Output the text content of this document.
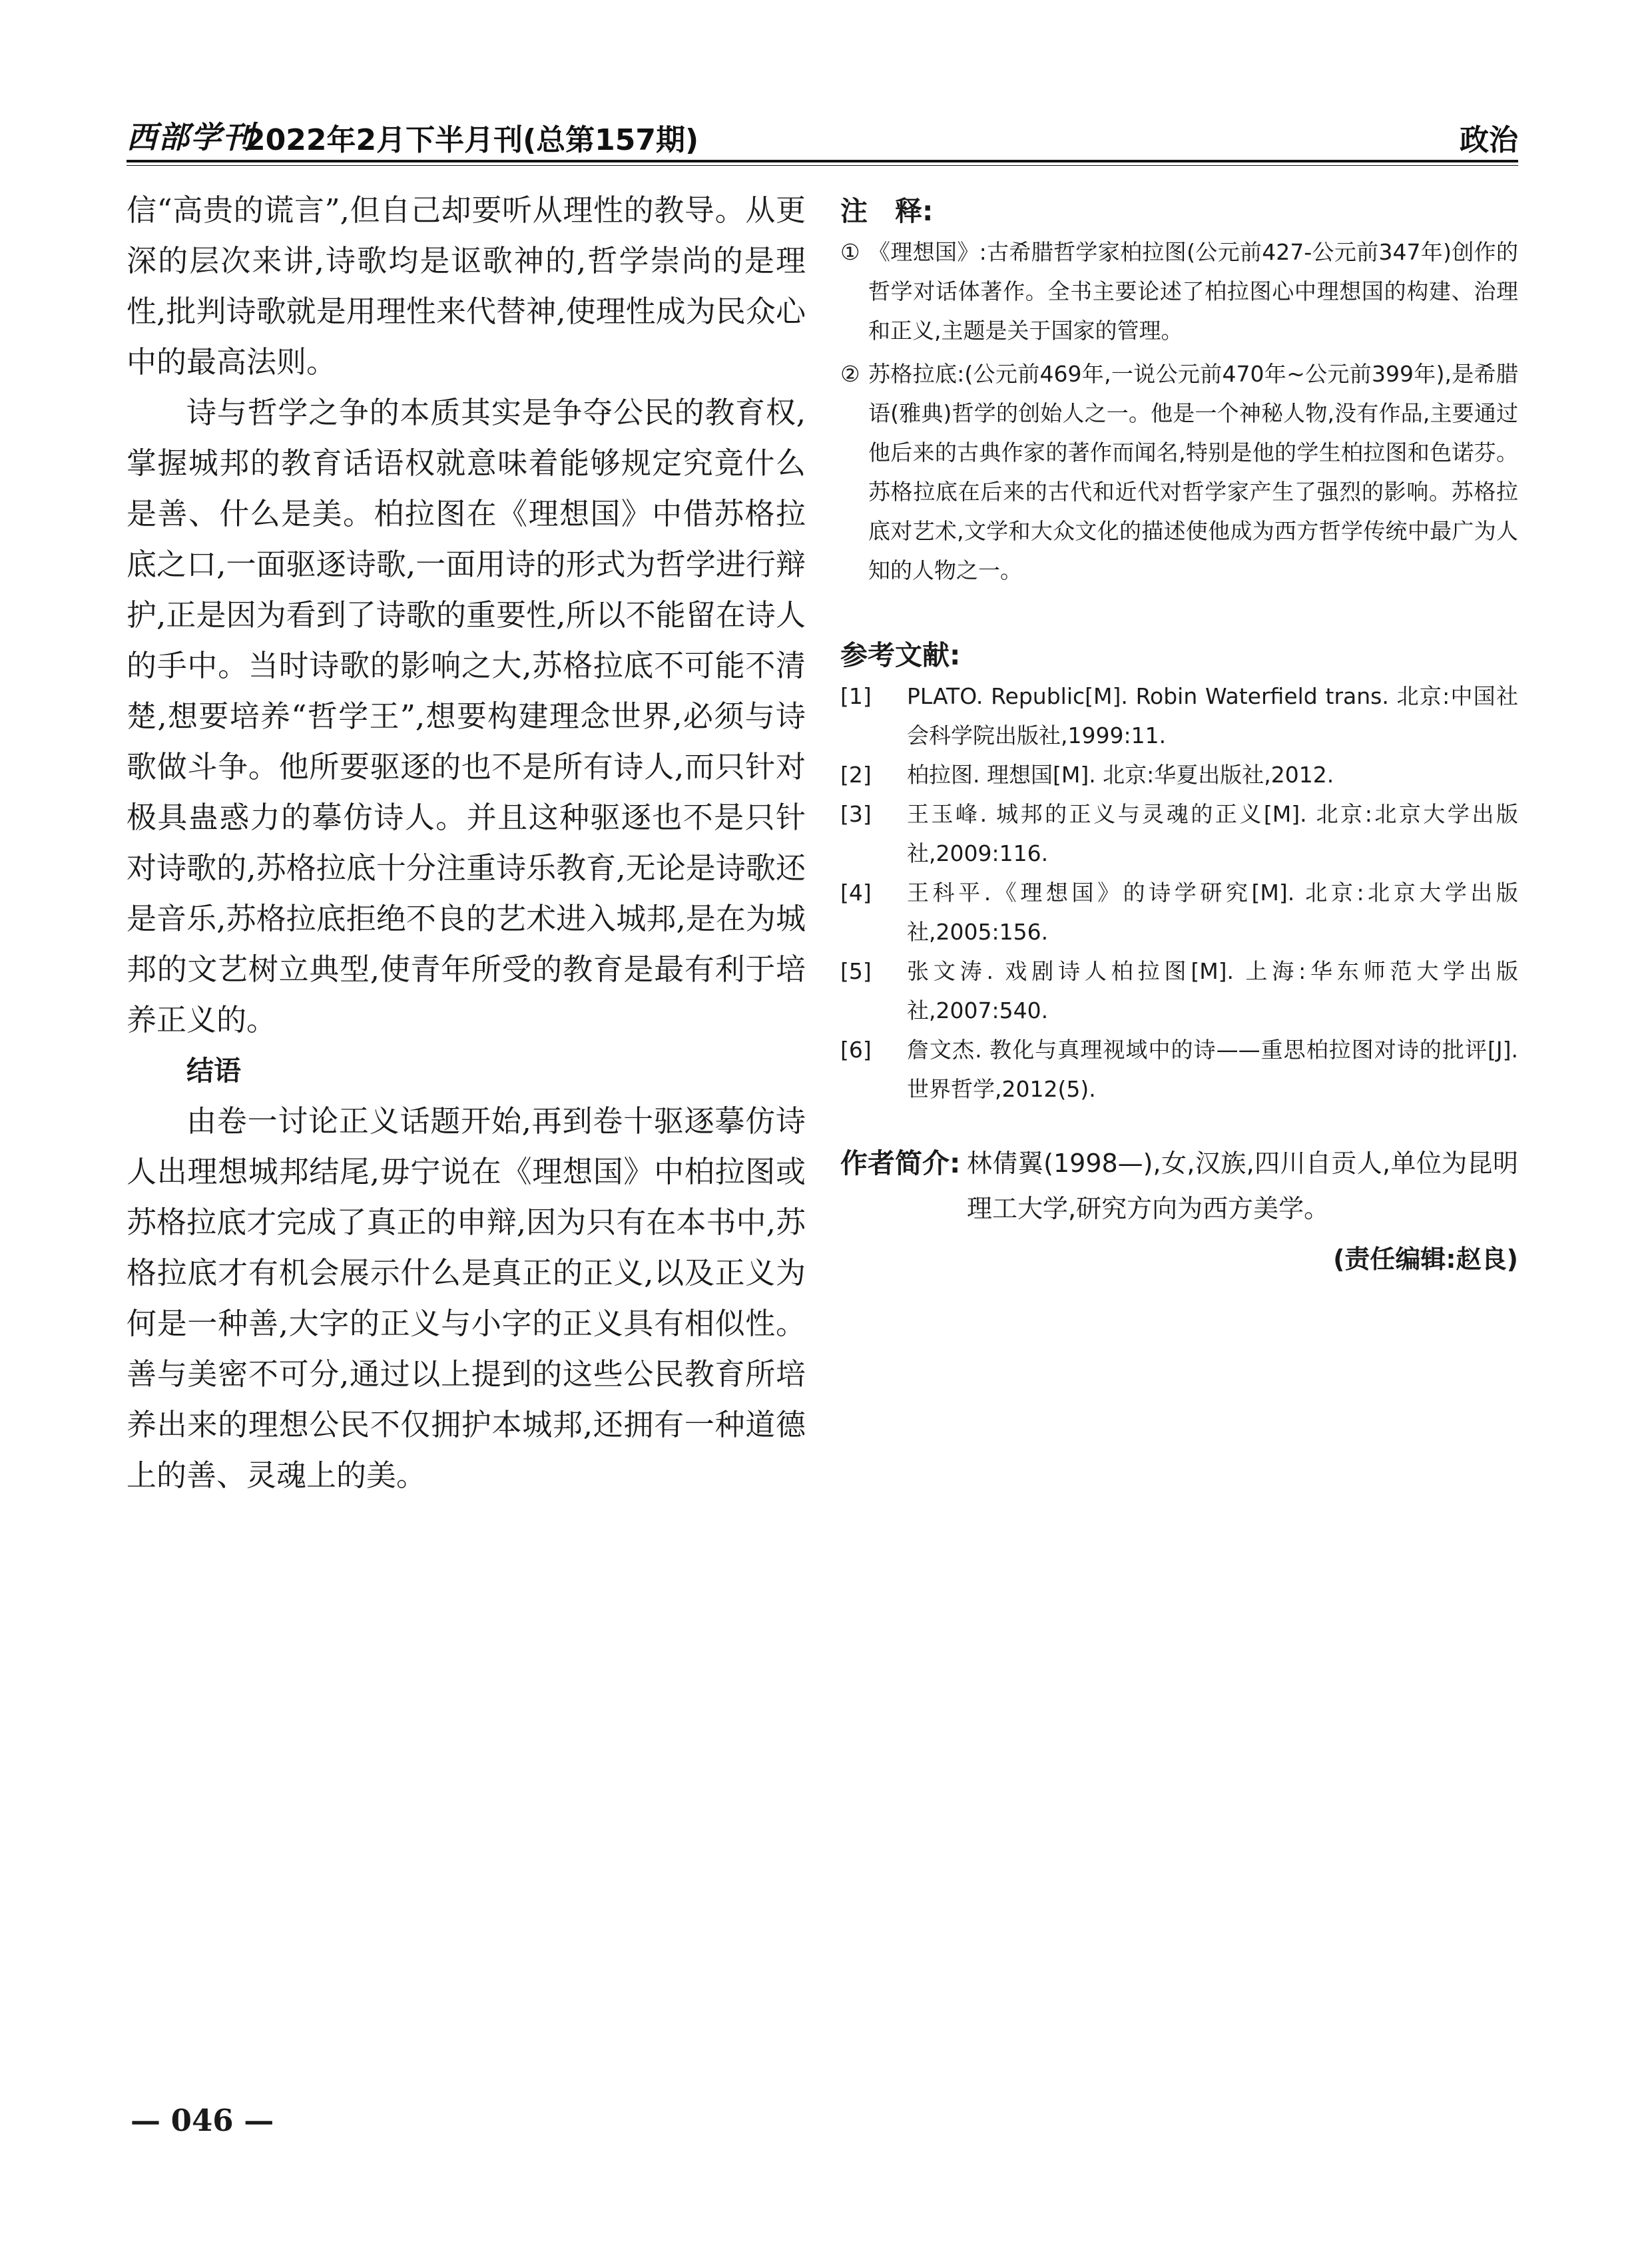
西部学刊
2022年2月下半月刊(总第157期)	政治

信“高贵的谎言”,但自己却要听从理性的教导。从更深的层次来讲,诗歌均是讴歌神的,哲学崇尚的是理性,批判诗歌就是用理性来代替神,使理性成为民众心中的最高法则。

诗与哲学之争的本质其实是争夺公民的教育权,掌握城邦的教育话语权就意味着能够规定究竟什么是善、什么是美。柏拉图在《理想国》中借苏格拉底之口,一面驱逐诗歌,一面用诗的形式为哲学进行辩护,正是因为看到了诗歌的重要性,所以不能留在诗人的手中。当时诗歌的影响之大,苏格拉底不可能不清楚,想要培养“哲学王”,想要构建理念世界,必须与诗歌做斗争。他所要驱逐的也不是所有诗人,而只针对极具蛊惑力的摹仿诗人。并且这种驱逐也不是只针对诗歌的,苏格拉底十分注重诗乐教育,无论是诗歌还是音乐,苏格拉底拒绝不良的艺术进入城邦,是在为城邦的文艺树立典型,使青年所受的教育是最有利于培养正义的。

结语

由卷一讨论正义话题开始,再到卷十驱逐摹仿诗人出理想城邦结尾,毋宁说在《理想国》中柏拉图或苏格拉底才完成了真正的申辩,因为只有在本书中,苏格拉底才有机会展示什么是真正的正义,以及正义为何是一种善,大字的正义与小字的正义具有相似性。善与美密不可分,通过以上提到的这些公民教育所培养出来的理想公民不仅拥护本城邦,还拥有一种道德上的善、灵魂上的美。

注　释:
① 《理想国》:古希腊哲学家柏拉图(公元前427-公元前347年)创作的哲学对话体著作。全书主要论述了柏拉图心中理想国的构建、治理和正义,主题是关于国家的管理。
② 苏格拉底:(公元前469年,一说公元前470年~公元前399年),是希腊语(雅典)哲学的创始人之一。他是一个神秘人物,没有作品,主要通过他后来的古典作家的著作而闻名,特别是他的学生柏拉图和色诺芬。苏格拉底在后来的古代和近代对哲学家产生了强烈的影响。苏格拉底对艺术,文学和大众文化的描述使他成为西方哲学传统中最广为人知的人物之一。
参考文献:
[1] PLATO. Republic[M]. Robin Waterfield trans. 北京:中国社会科学院出版社,1999:11.
[2] 柏拉图. 理想国[M]. 北京:华夏出版社,2012.
[3] 王玉峰. 城邦的正义与灵魂的正义[M]. 北京:北京大学出版社,2009:116.
[4] 王科平.《理想国》的诗学研究[M]. 北京:北京大学出版社,2005:156.
[5] 张文涛. 戏剧诗人柏拉图[M]. 上海:华东师范大学出版社,2007:540.
[6] 詹文杰. 教化与真理视域中的诗——重思柏拉图对诗的批评[J]. 世界哲学,2012(5).
作者简介: 林倩翼(1998—),女,汉族,四川自贡人,单位为昆明理工大学,研究方向为西方美学。
(责任编辑:赵良)
— 046 —
